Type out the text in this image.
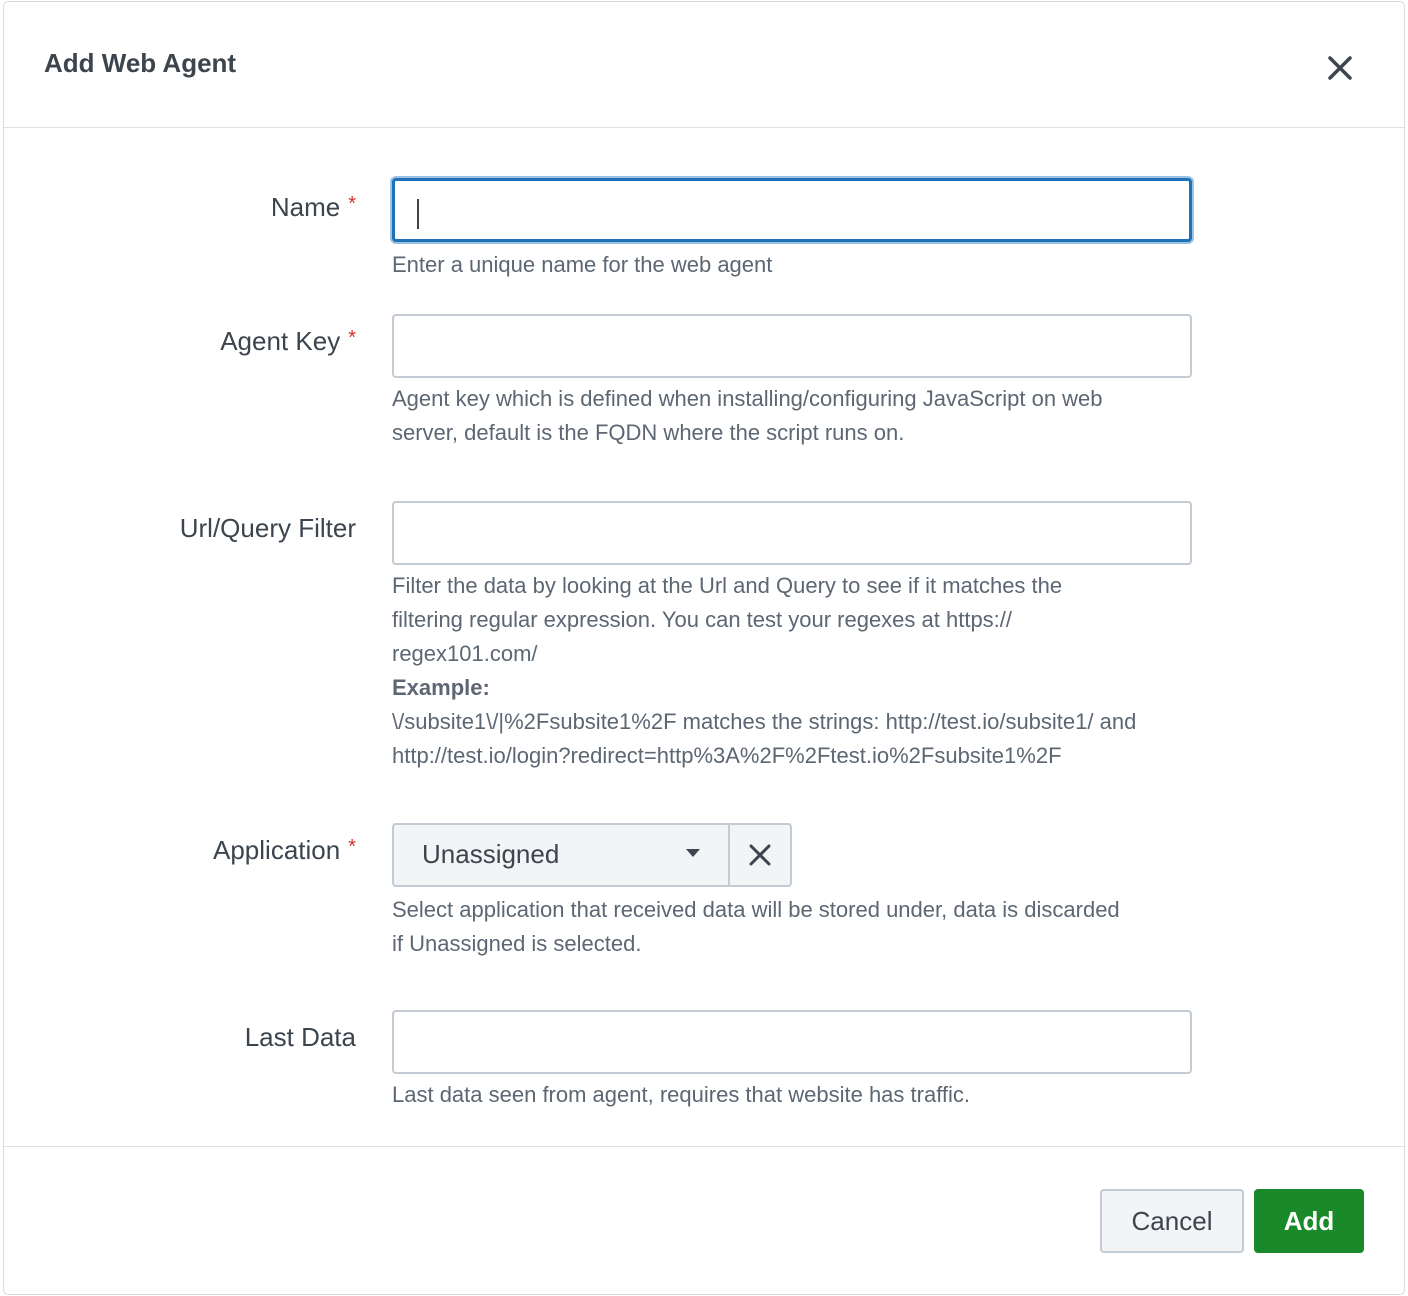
Add Web Agent
Name *
Enter a unique name for the web agent
Agent Key *
Agent key which is defined when installing/configuring JavaScript on web
server, default is the FQDN where the script runs on.
Url/Query Filter
Filter the data by looking at the Url and Query to see if it matches the
filtering regular expression. You can test your regexes at https://
regex101.com/
Example:
\/subsite1\/|%2Fsubsite1%2F matches the strings: http://test.io/subsite1/ and
http://test.io/login?redirect=http%3A%2F%2Ftest.io%2Fsubsite1%2F
Application *	Unassigned
Select application that received data will be stored under, data is discarded
if Unassigned is selected.
Last Data
Last data seen from agent, requires that website has traffic.
Cancel	Add
